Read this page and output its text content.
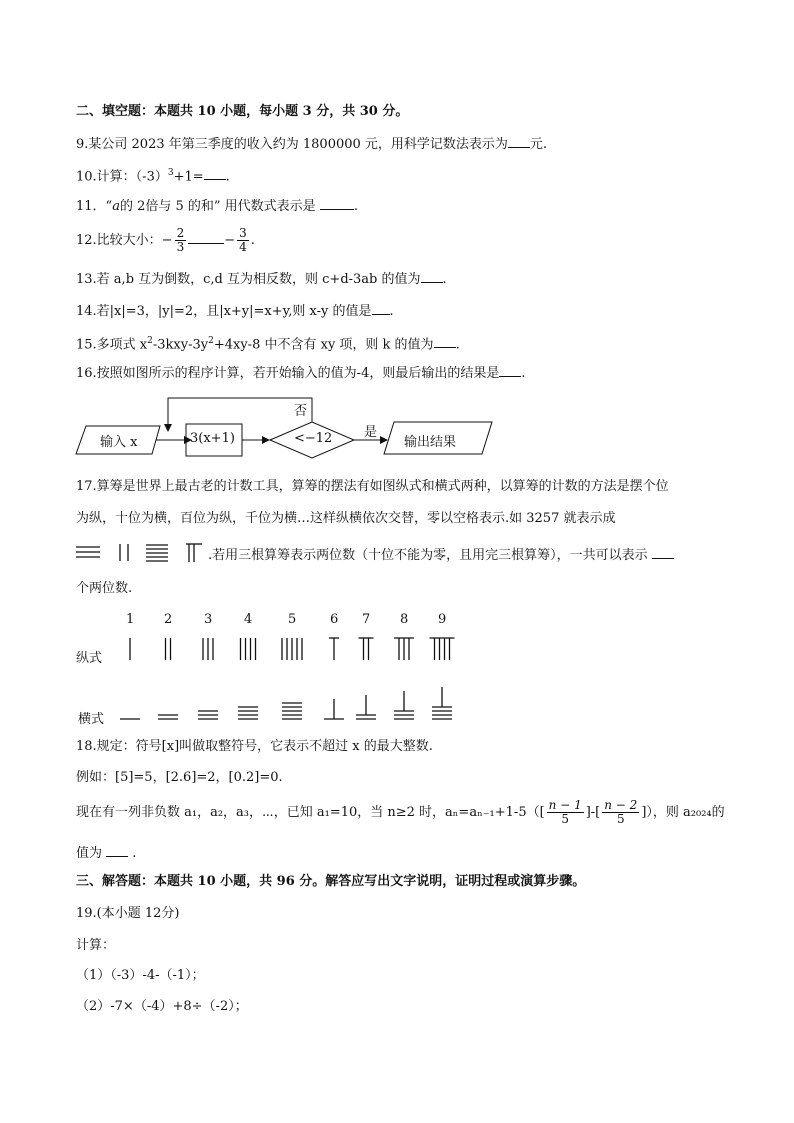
二、填空题：本题共 10 小题，每小题 3 分，共 30 分。
9.某公司 2023 年第三季度的收入约为 1800000 元，用科学记数法表示为 元.
10.计算：$(-3)^3+1=$ .
11．“a的 2倍与 5 的和” 用代数式表示是	.
12.比较大小：− $\frac{2}{3}$	− $\frac{3}{4}$ .
13.若 a,b 互为倒数，c,d 互为相反数，则 c+d-3ab 的值为 .
14.若|x|=3，|y|=2，且|x+y|=x+y,则 x-y 的值是 .
15.多项式 $x^2-3kxy-3y^2+4xy-8$ 中不含有 xy 项，则 k 的值为 .
16.按照如图所示的程序计算，若开始输入的值为-4，则最后输出的结果是 .
输入 x	3(x+1)	<−12
否
是
输出结果
17.算筹是世界上最古老的计数工具，算筹的摆法有如图纵式和横式两种，以算筹的计数的方法是摆个位
为纵，十位为横，百位为纵，千位为横…这样纵横依次交替，零以空格表示.如 3257 就表示成
.若用三根算筹表示两位数（十位不能为零，且用完三根算筹），一共可以表示
个两位数.
1 2 3 4	5	6 7 8 9
纵式
横式
18.规定：符号[x]叫做取整符号，它表示不超过 x 的最大整数.
例如：[5]=5，[2.6]=2，[0.2]=0.
现在有一列非负数 a₁，a₂，a₃，⋯，已知 a₁=10，当 n≥2 时，$a_n=a_{n-1}+1-5([ \frac{n - 1}{5}$ ]-[ $\frac{n - 2}{5}$ ]），则 a₂₀₂₄的
值为 .
三、解答题：本题共 10 小题，共 96 分。解答应写出文字说明，证明过程或演算步骤。
19.(本小题 12分)
计算：
（1）（-3）-4-（-1）；
（2）-7×（-4）+8÷（-2）；
